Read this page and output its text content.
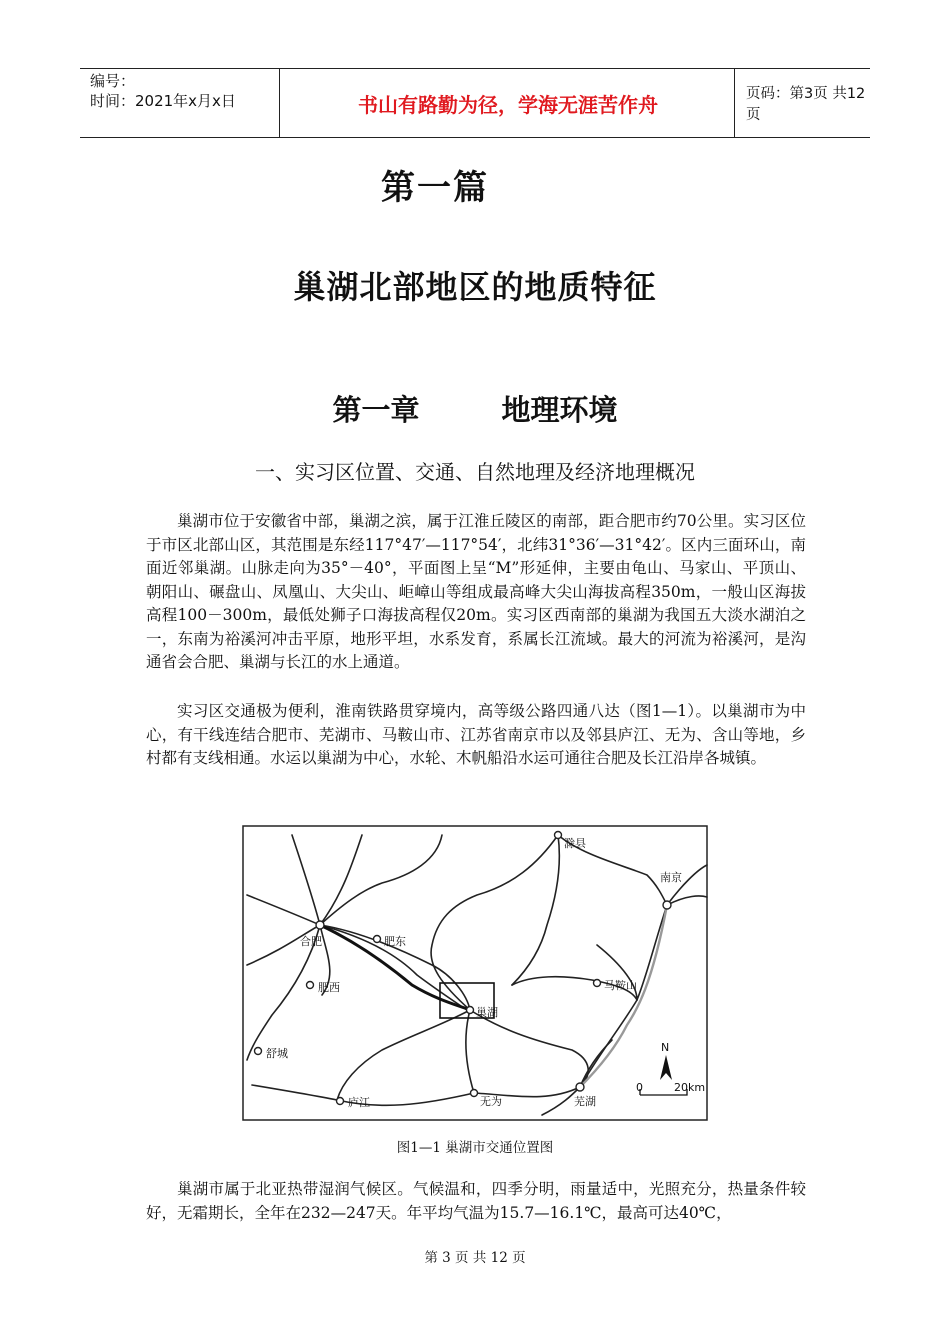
编号：
时间：2021年x月x日	书山有路勤为径，学海无涯苦作舟	页码：第3页 共12页
第一篇
巢湖北部地区的地质特征
第一章	地理环境
一、实习区位置、交通、自然地理及经济地理概况

巢湖市位于安徽省中部，巢湖之滨，属于江淮丘陵区的南部，距合肥市约70公里。实习区位于市区北部山区，其范围是东经117°47′—117°54′，北纬31°36′—31°42′。区内三面环山，南面近邻巢湖。山脉走向为35°－40°，平面图上呈“M”形延伸，主要由龟山、马家山、平顶山、朝阳山、碾盘山、凤凰山、大尖山、岠嶂山等组成最高峰大尖山海拔高程350m，一般山区海拔高程100－300m，最低处狮子口海拔高程仅20m。实习区西南部的巢湖为我国五大淡水湖泊之一，东南为裕溪河冲击平原，地形平坦，水系发育，系属长江流域。最大的河流为裕溪河，是沟通省会合肥、巢湖与长江的水上通道。

实习区交通极为便利，淮南铁路贯穿境内，高等级公路四通八达（图1—1）。以巢湖市为中心，有干线连结合肥市、芜湖市、马鞍山市、江苏省南京市以及邻县庐江、无为、含山等地，乡村都有支线相通。水运以巢湖为中心，水轮、木帆船沿水运可通往合肥及长江沿岸各城镇。

滁县
南京
合肥	肥东
肥西	马鞍山
巢湖
舒城
庐江	无为	芜湖
N
0	20km
图1—1 巢湖市交通位置图

巢湖市属于北亚热带湿润气候区。气候温和，四季分明，雨量适中，光照充分，热量条件较好，无霜期长，全年在232—247天。年平均气温为15.7—16.1℃，最高可达40℃，

第 3 页 共 12 页
